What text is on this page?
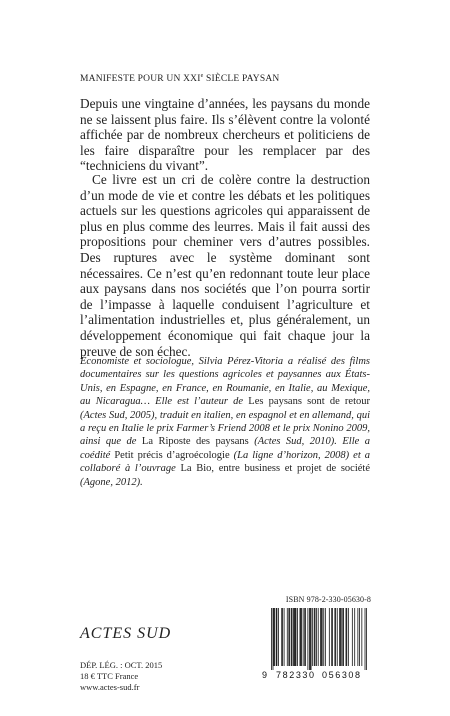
MANIFESTE POUR UN XXIe SIÈCLE PAYSAN

Depuis une vingtaine d’années, les paysans du monde ne se laissent plus faire. Ils s’élèvent contre la volonté affichée par de nombreux chercheurs et politiciens de les faire disparaître pour les remplacer par des “techniciens du vivant”.

Ce livre est un cri de colère contre la destruction d’un mode de vie et contre les débats et les politiques actuels sur les questions agricoles qui apparaissent de plus en plus comme des leurres. Mais il fait aussi des propositions pour cheminer vers d’autres possibles. Des ruptures avec le système dominant sont nécessaires. Ce n’est qu’en redonnant toute leur place aux paysans dans nos sociétés que l’on pourra sortir de l’impasse à laquelle conduisent l’agriculture et l’alimentation industrielles et, plus généralement, un développement économique qui fait chaque jour la preuve de son échec.

Économiste et sociologue, Silvia Pérez-Vitoria a réalisé des films documentaires sur les questions agricoles et paysannes aux États-Unis, en Espagne, en France, en Roumanie, en Italie, au Mexique, au Nicaragua… Elle est l’auteur de Les paysans sont de retour (Actes Sud, 2005), traduit en italien, en espagnol et en allemand, qui a reçu en Italie le prix Farmer’s Friend 2008 et le prix Nonino 2009, ainsi que de La Riposte des paysans (Actes Sud, 2010). Elle a coédité Petit précis d’agroécologie (La ligne d’horizon, 2008) et a collaboré à l’ouvrage La Bio, entre business et projet de société (Agone, 2012).

ISBN 978-2-330-05630-8
9 782330 056308
ACTES SUD
DÉP. LÉG. : OCT. 2015
18 € TTC France
www.actes-sud.fr
